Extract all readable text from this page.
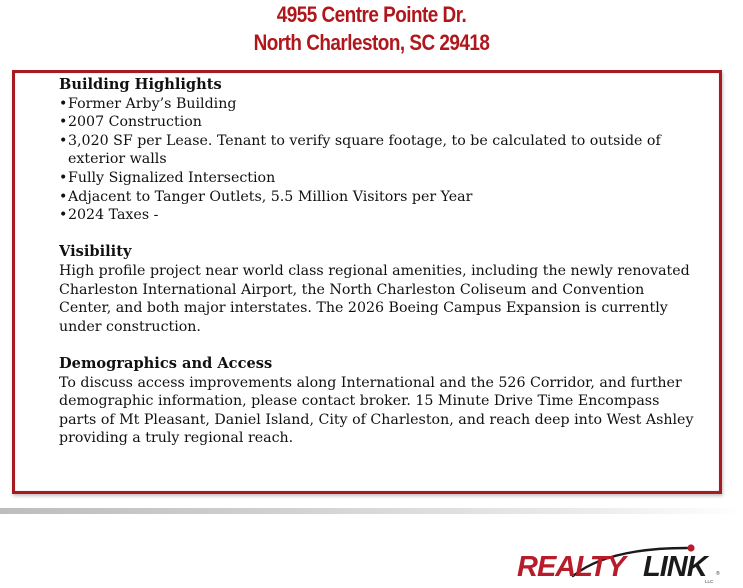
4955 Centre Pointe Dr.
North Charleston, SC 29418
Building Highlights
• Former Arby’s Building
• 2007 Construction
• 3,020 SF per Lease. Tenant to verify square footage, to be calculated to outside of exterior walls
• Fully Signalized Intersection
• Adjacent to Tanger Outlets, 5.5 Million Visitors per Year
• 2024 Taxes -
Visibility
High profile project near world class regional amenities, including the newly renovated Charleston International Airport, the North Charleston Coliseum and Convention Center, and both major interstates. The 2026 Boeing Campus Expansion is currently under construction.
Demographics and Access
To discuss access improvements along International and the 526 Corridor, and further demographic information, please contact broker. 15 Minute Drive Time Encompass parts of Mt Pleasant, Daniel Island, City of Charleston, and reach deep into West Ashley providing a truly regional reach.
REALTY LINK
LLC
®
